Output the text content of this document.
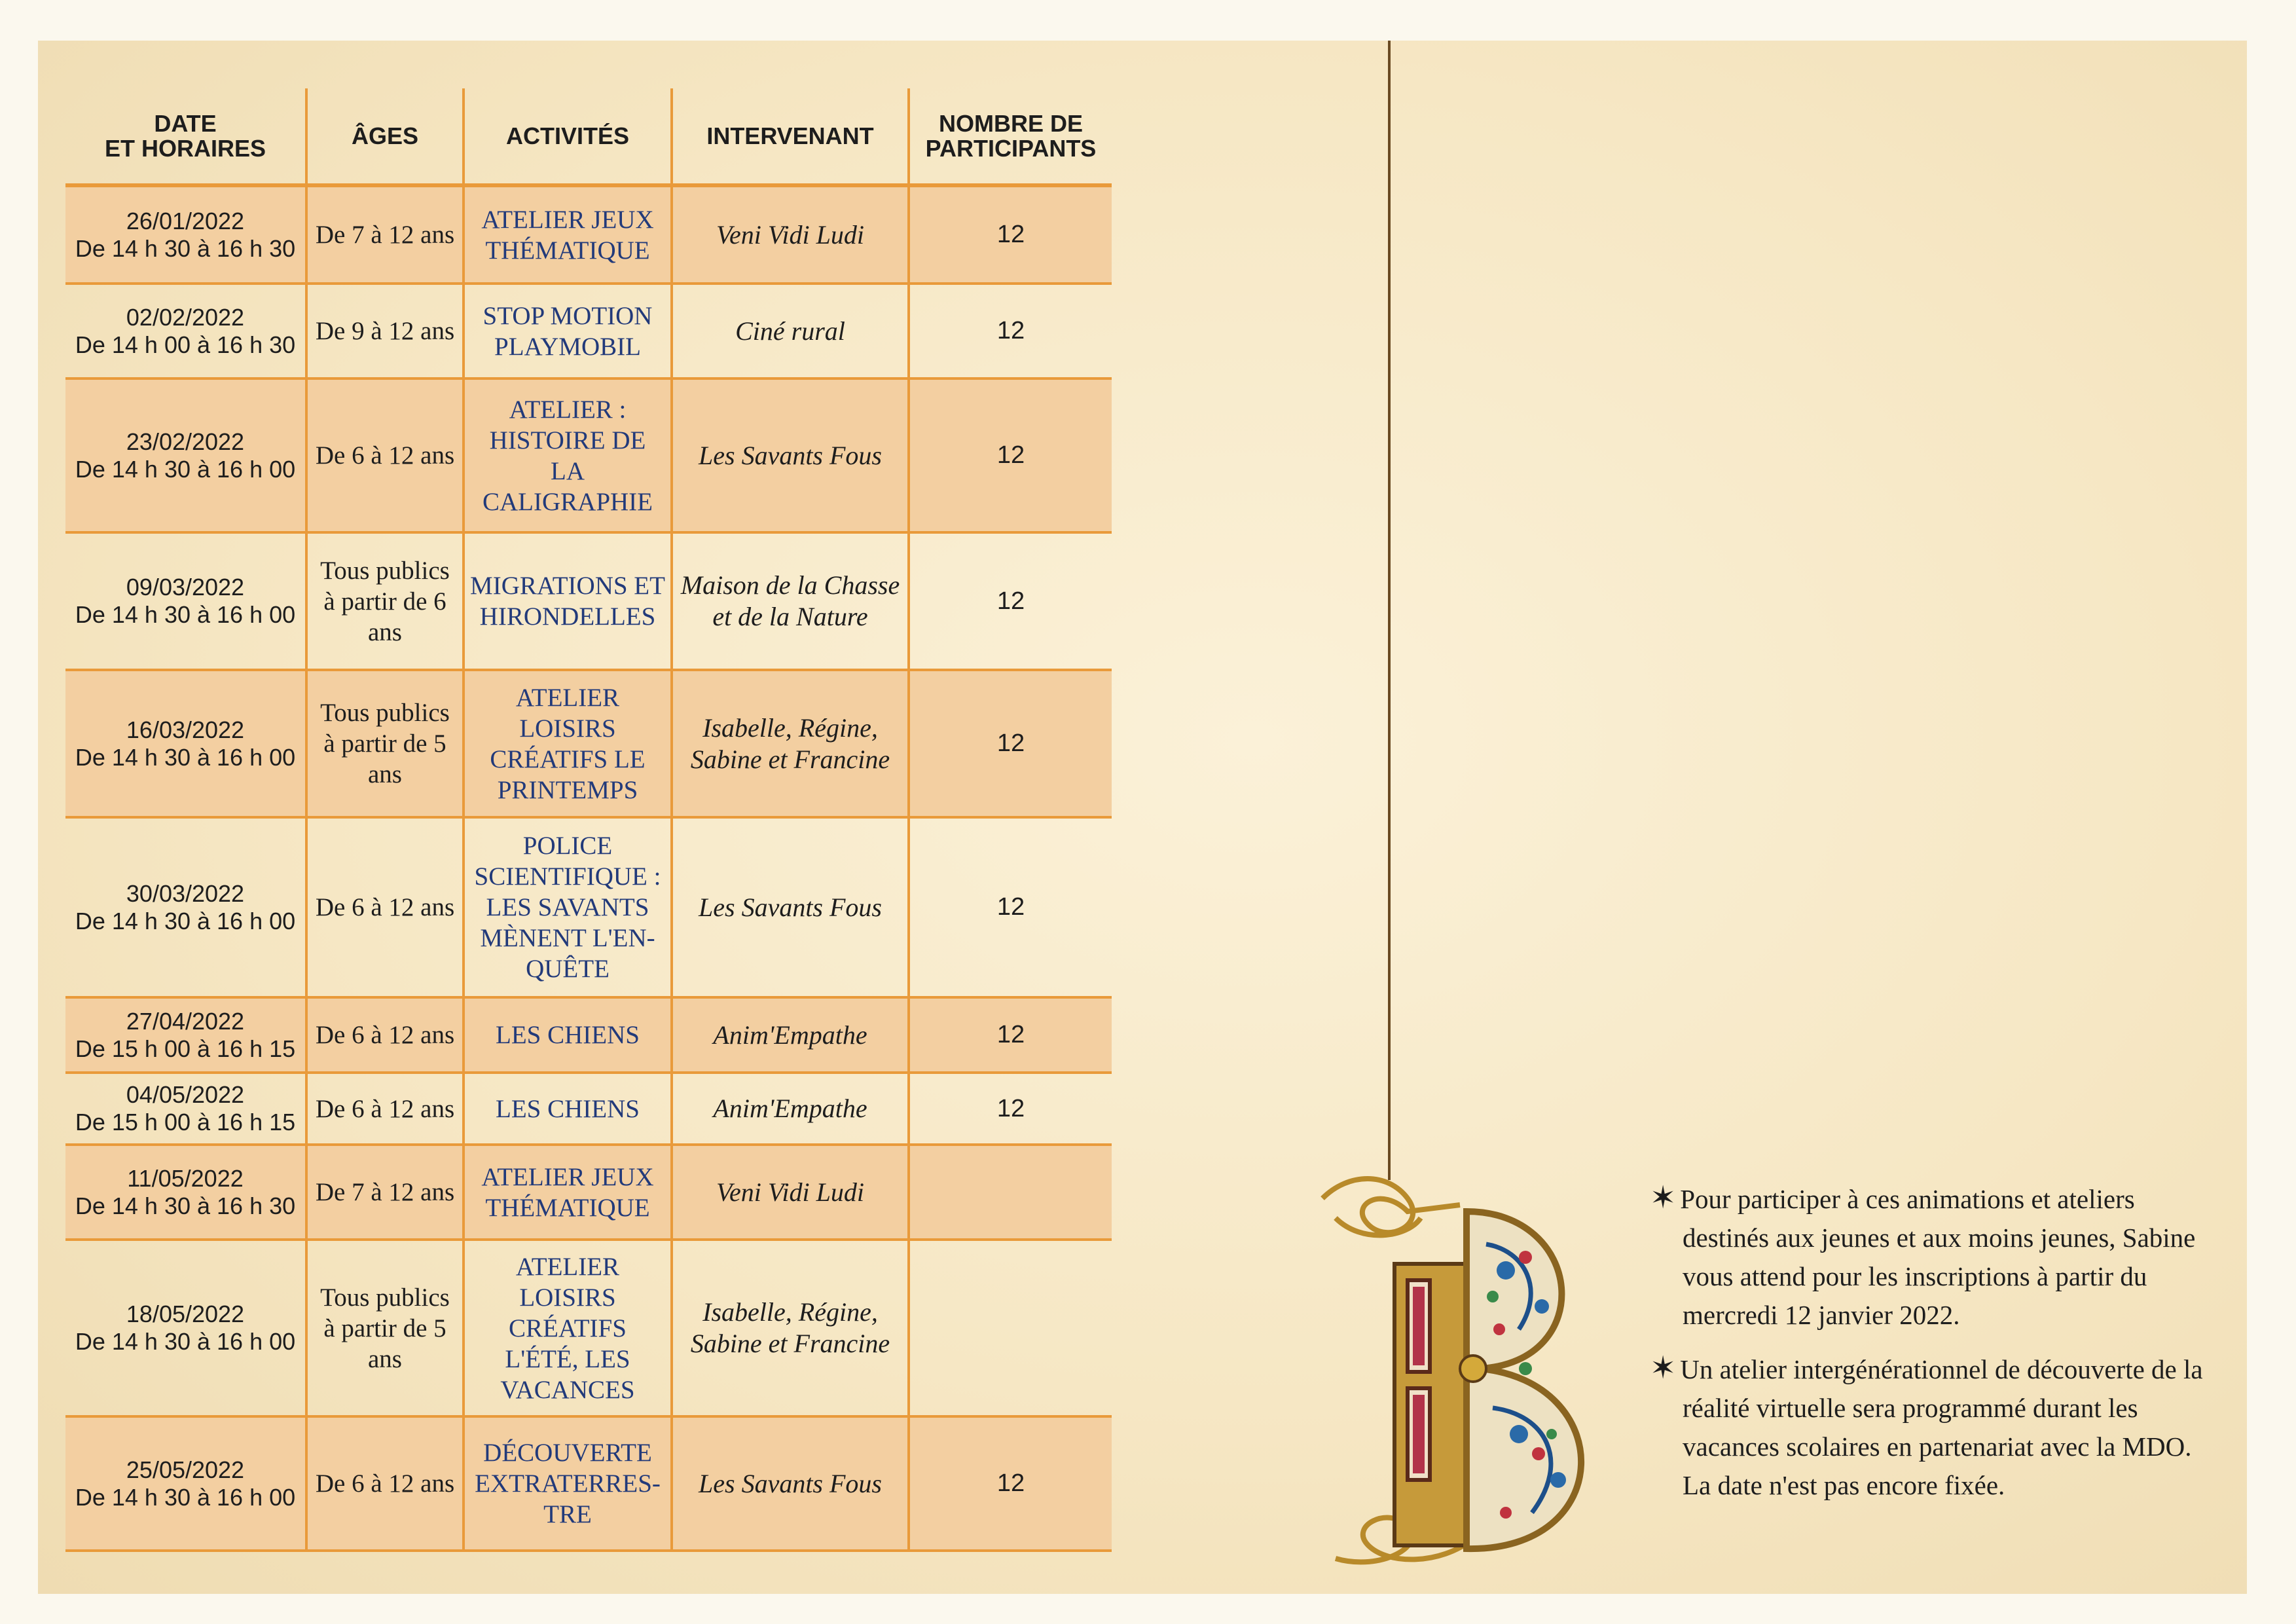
DATE
ET HORAIRES	ÂGES	ACTIVITÉS	INTERVENANT	NOMBRE DE
PARTICIPANTS

26/01/2022
De 14 h 30 à 16 h 30	De 7 à 12 ans	ATELIER JEUX THÉMATIQUE	Veni Vidi Ludi	12

02/02/2022
De 14 h 00 à 16 h 30	De 9 à 12 ans	STOP MOTION PLAYMOBIL	Ciné rural	12

23/02/2022
De 14 h 30 à 16 h 00	De 6 à 12 ans	ATELIER : HISTOIRE DE LA CALIGRAPHIE	Les Savants Fous	12

09/03/2022
De 14 h 30 à 16 h 00	Tous publics à partir de 6 ans	MIGRATIONS ET HIRONDELLES	Maison de la Chasse et de la Nature	12

16/03/2022
De 14 h 30 à 16 h 00	Tous publics à partir de 5 ans	ATELIER LOISIRS CRÉATIFS LE PRINTEMPS	Isabelle, Régine, Sabine et Francine	12

30/03/2022
De 14 h 30 à 16 h 00	De 6 à 12 ans	POLICE SCIENTIFIQUE : LES SAVANTS MÈNENT L'EN-QUÊTE	Les Savants Fous	12

27/04/2022
De 15 h 00 à 16 h 15	De 6 à 12 ans	LES CHIENS	Anim'Empathe	12

04/05/2022
De 15 h 00 à 16 h 15	De 6 à 12 ans	LES CHIENS	Anim'Empathe	12

11/05/2022
De 14 h 30 à 16 h 30	De 7 à 12 ans	ATELIER JEUX THÉMATIQUE	Veni Vidi Ludi	

18/05/2022
De 14 h 30 à 16 h 00	Tous publics à partir de 5 ans	ATELIER LOISIRS CRÉATIFS L'ÉTÉ, LES VACANCES	Isabelle, Régine, Sabine et Francine	

25/05/2022
De 14 h 30 à 16 h 00	De 6 à 12 ans	DÉCOUVERTE EXTRATERRES-TRE	Les Savants Fous	12

✶ Pour participer à ces animations et ateliers destinés aux jeunes et aux moins jeunes, Sabine vous attend pour les inscriptions à partir du mercredi 12 janvier 2022.

✶ Un atelier intergénérationnel de découverte de la réalité virtuelle sera programmé durant les vacances scolaires en partenariat avec la MDO. La date n'est pas encore fixée.
